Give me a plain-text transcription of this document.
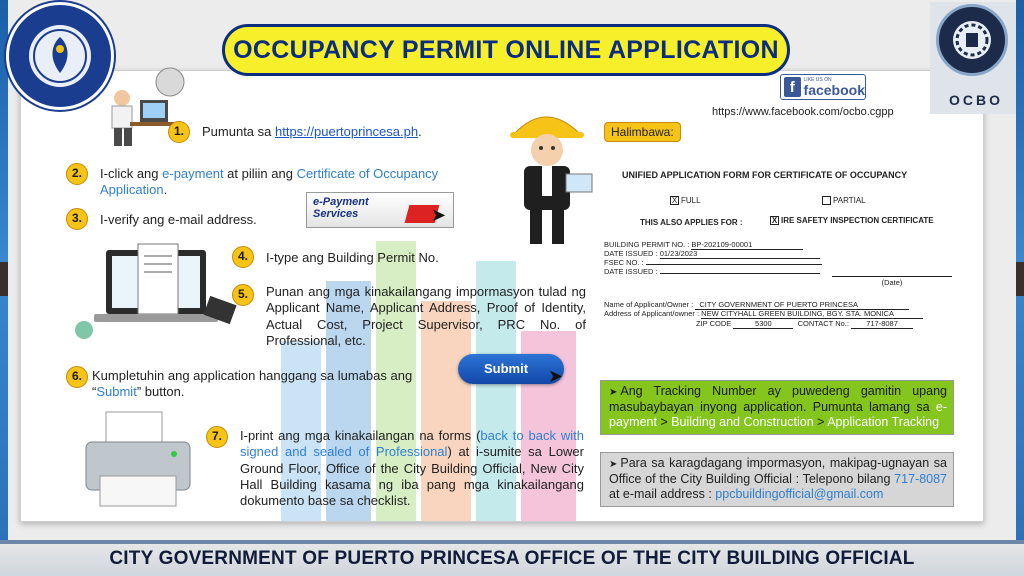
OCCUPANCY PERMIT ONLINE APPLICATION
OCBO
f	LIKE US ON
facebook
https://www.facebook.com/ocbo.cgpp
1.	Pumunta sa https://puertoprincesa.ph.
2.	I-click ang e-payment at piliin ang Certificate of Occupancy Application.
3.	I-verify ang e-mail address.
e-Payment
Services	➤
4.	I-type ang Building Permit No.
5.	Punan ang mga kinakailangang impormasyon tulad ng Applicant Name, Applicant Address, Proof of Identity, Actual Cost, Project Supervisor, PRC No. of Professional, etc.
6. Kumpletuhin ang application hanggang sa lumabas ang “Submit” button.
Submit	➤
7.	I-print ang mga kinakailangan na forms (back to back with signed and sealed of Professional) at i-sumite sa Lower Ground Floor, Office of the City Building Official, New City Hall Building kasama ng iba pang mga kinakailangang dokumento base sa checklist.
Halimbawa:
UNIFIED APPLICATION FORM FOR CERTIFICATE OF OCCUPANCY
X FULL	PARTIAL
THIS ALSO APPLIES FOR :	X IRE SAFETY INSPECTION CERTIFICATE
BUILDING PERMIT NO. : BP-202109-00001
DATE ISSUED : 01/23/2023
FSEC NO. :
DATE ISSUED :
(Date)
Name of Applicant/Owner : CITY GOVERNMENT OF PUERTO PRINCESA
Address of Applicant/owner : NEW CITYHALL GREEN BUILDING, BGY. STA. MONICA
ZIP CODE	5300	CONTACT No.: 717-8087
➤ Ang Tracking Number ay puwedeng gamitin upang masubaybayan inyong application. Pumunta lamang sa e-payment > Building and Construction > Application Tracking
➤ Para sa karagdagang impormasyon, makipag-ugnayan sa Office of the City Building Official : Telepono bilang 717-8087 at e-mail address : ppcbuildingofficial@gmail.com
CITY GOVERNMENT OF PUERTO PRINCESA OFFICE OF THE CITY BUILDING OFFICIAL
